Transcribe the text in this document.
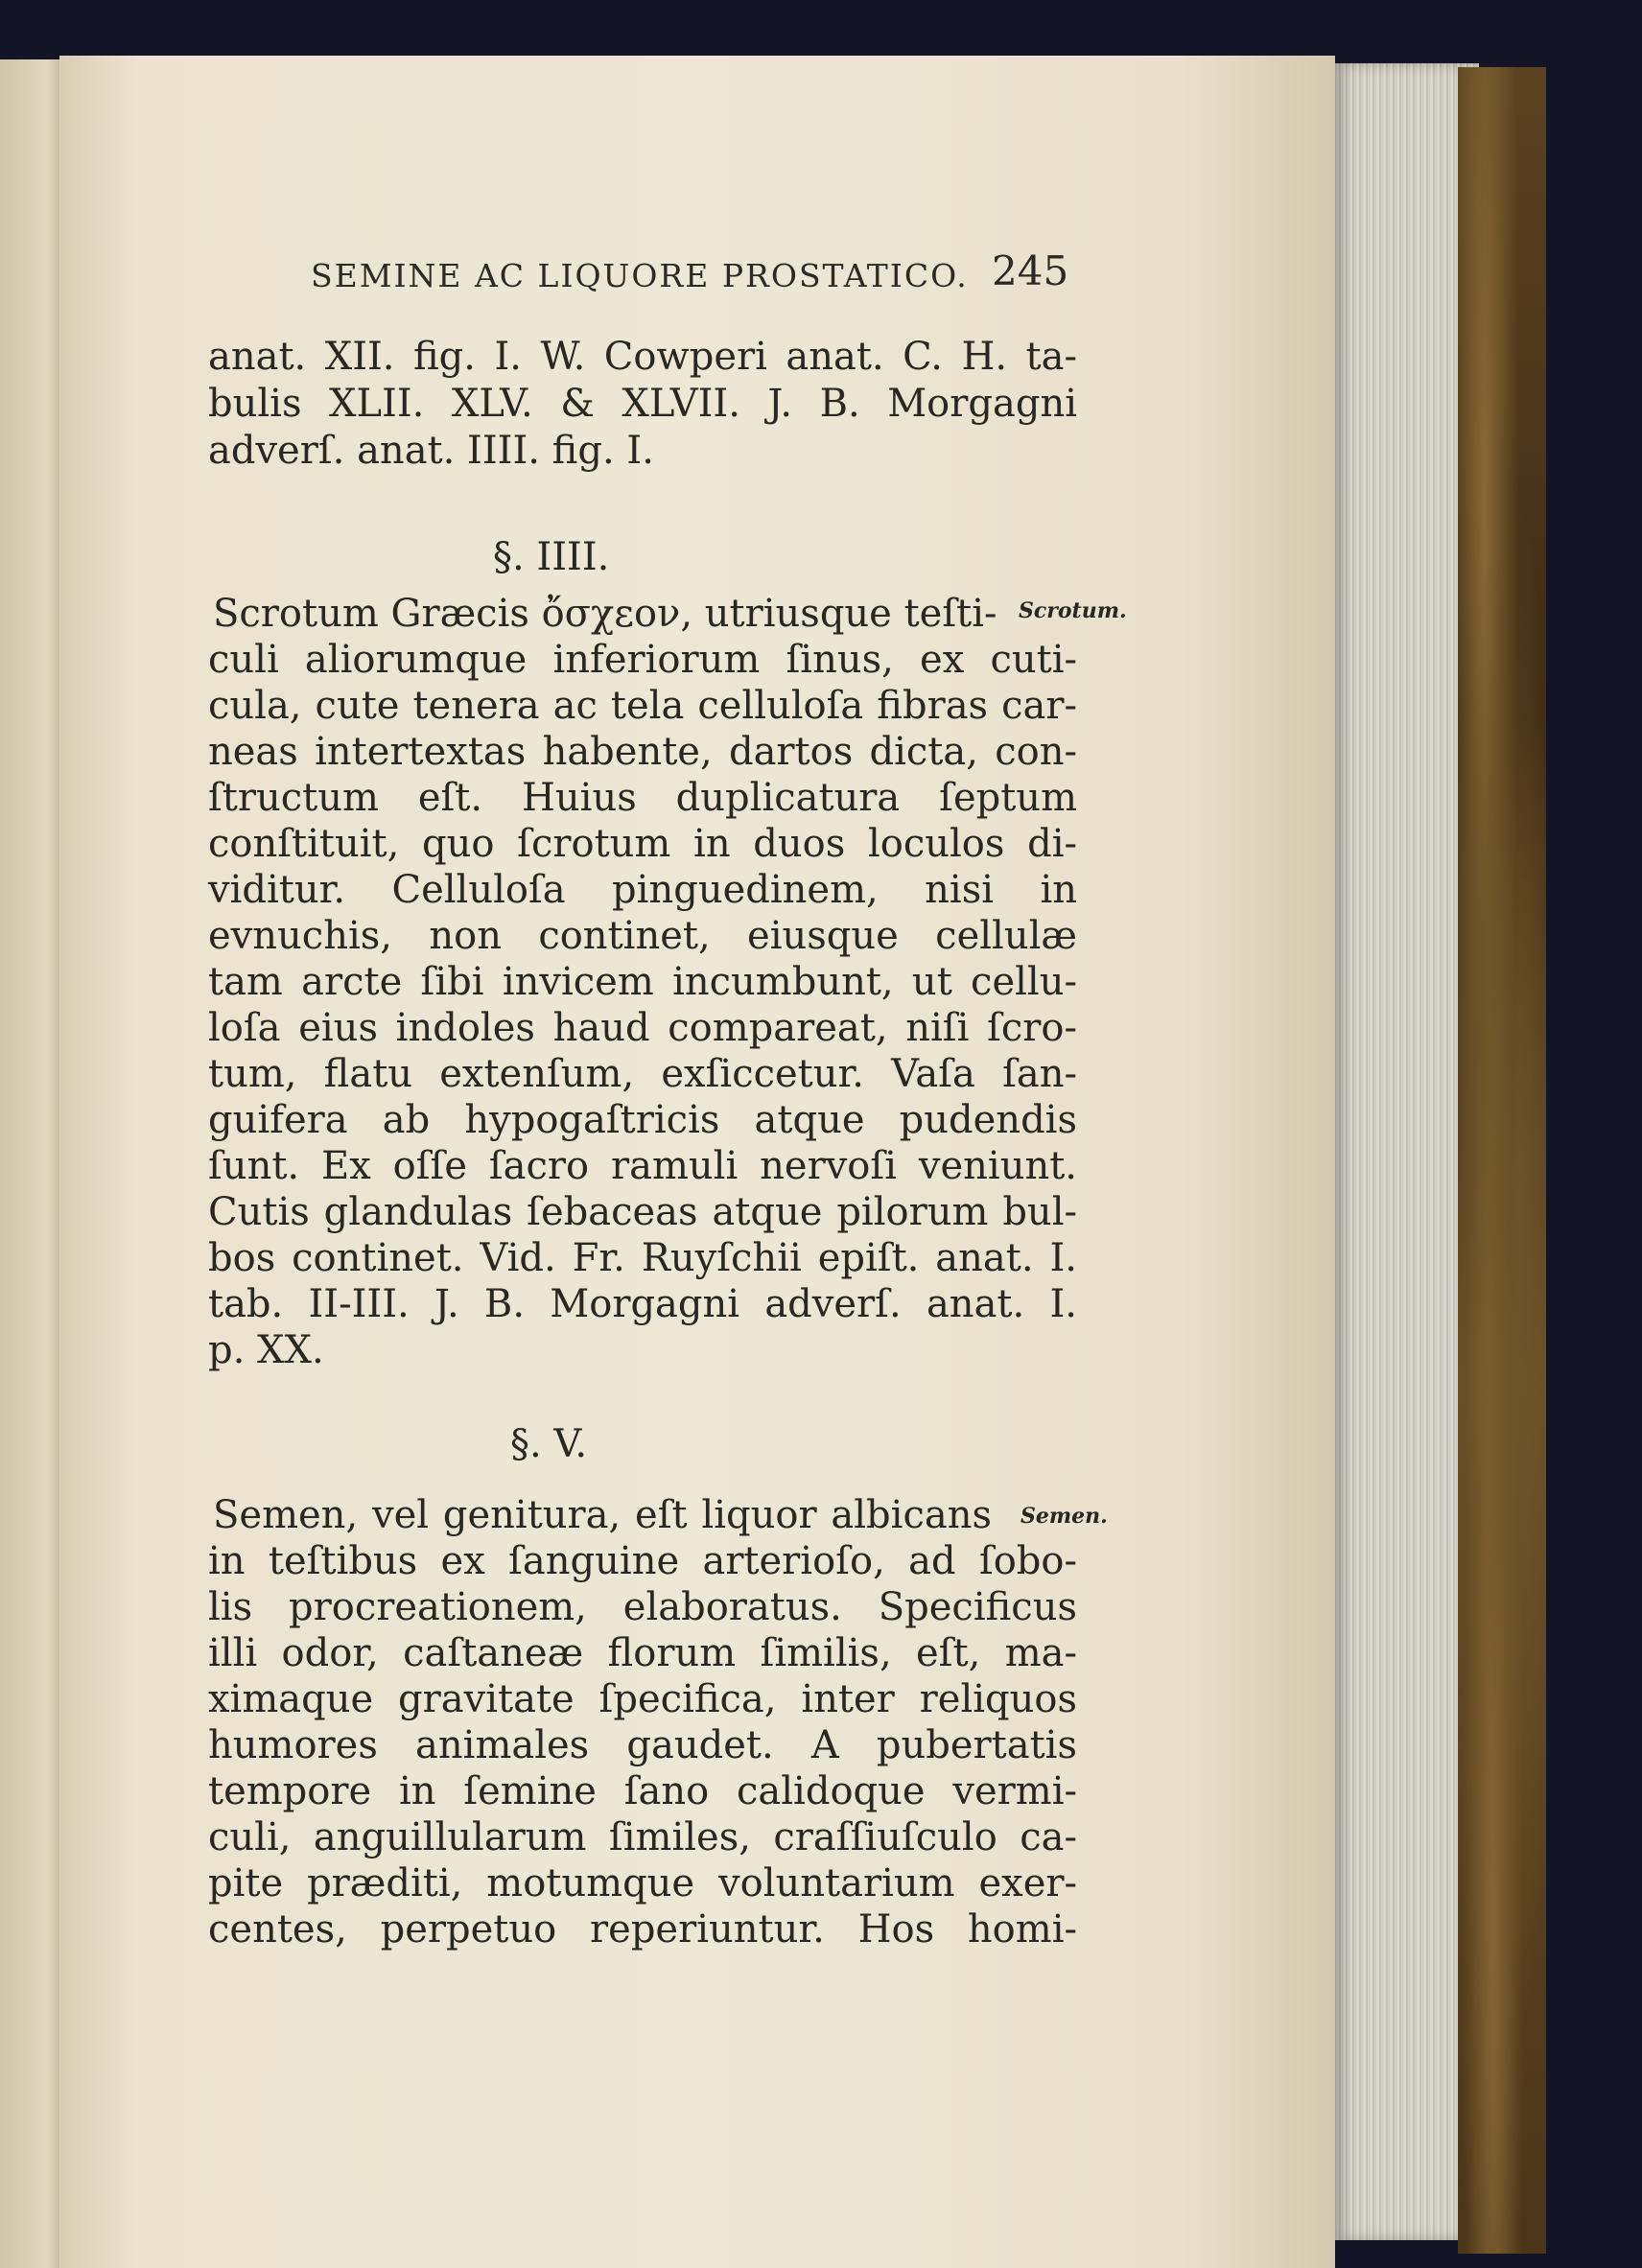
SEMINE AC LIQUORE PROSTATICO. 245
anat. XII. fig. I. W. Cowperi anat. C. H. ta-
bulis XLII. XLV. & XLVII. J. B. Morgagni
adverſ. anat. IIII. fig. I.
§. IIII.
Scrotum.
Scrotum Græcis ὄσχεον, utriusque teſti-
culi aliorumque inferiorum ſinus, ex cuti-
cula, cute tenera ac tela celluloſa fibras car-
neas intertextas habente, dartos dicta, con-
ſtructum eſt. Huius duplicatura ſeptum
conſtituit, quo ſcrotum in duos loculos di-
viditur. Celluloſa pinguedinem, nisi in
evnuchis, non continet, eiusque cellulæ
tam arcte ſibi invicem incumbunt, ut cellu-
loſa eius indoles haud compareat, niſi ſcro-
tum, flatu extenſum, exſiccetur. Vaſa ſan-
guifera ab hypogaſtricis atque pudendis
ſunt. Ex oſſe ſacro ramuli nervoſi veniunt.
Cutis glandulas ſebaceas atque pilorum bul-
bos continet. Vid. Fr. Ruyſchii epiſt. anat. I.
tab. II-III. J. B. Morgagni adverſ. anat. I.
p. XX.
§. V.
Semen.
Semen, vel genitura, eſt liquor albicans
in teſtibus ex ſanguine arterioſo, ad ſobo-
lis procreationem, elaboratus. Specificus
illi odor, caſtaneæ florum ſimilis, eſt, ma-
ximaque gravitate ſpecifica, inter reliquos
humores animales gaudet. A pubertatis
tempore in ſemine ſano calidoque vermi-
culi, anguillularum ſimiles, craſſiuſculo ca-
pite præditi, motumque voluntarium exer-
centes, perpetuo reperiuntur. Hos homi-
